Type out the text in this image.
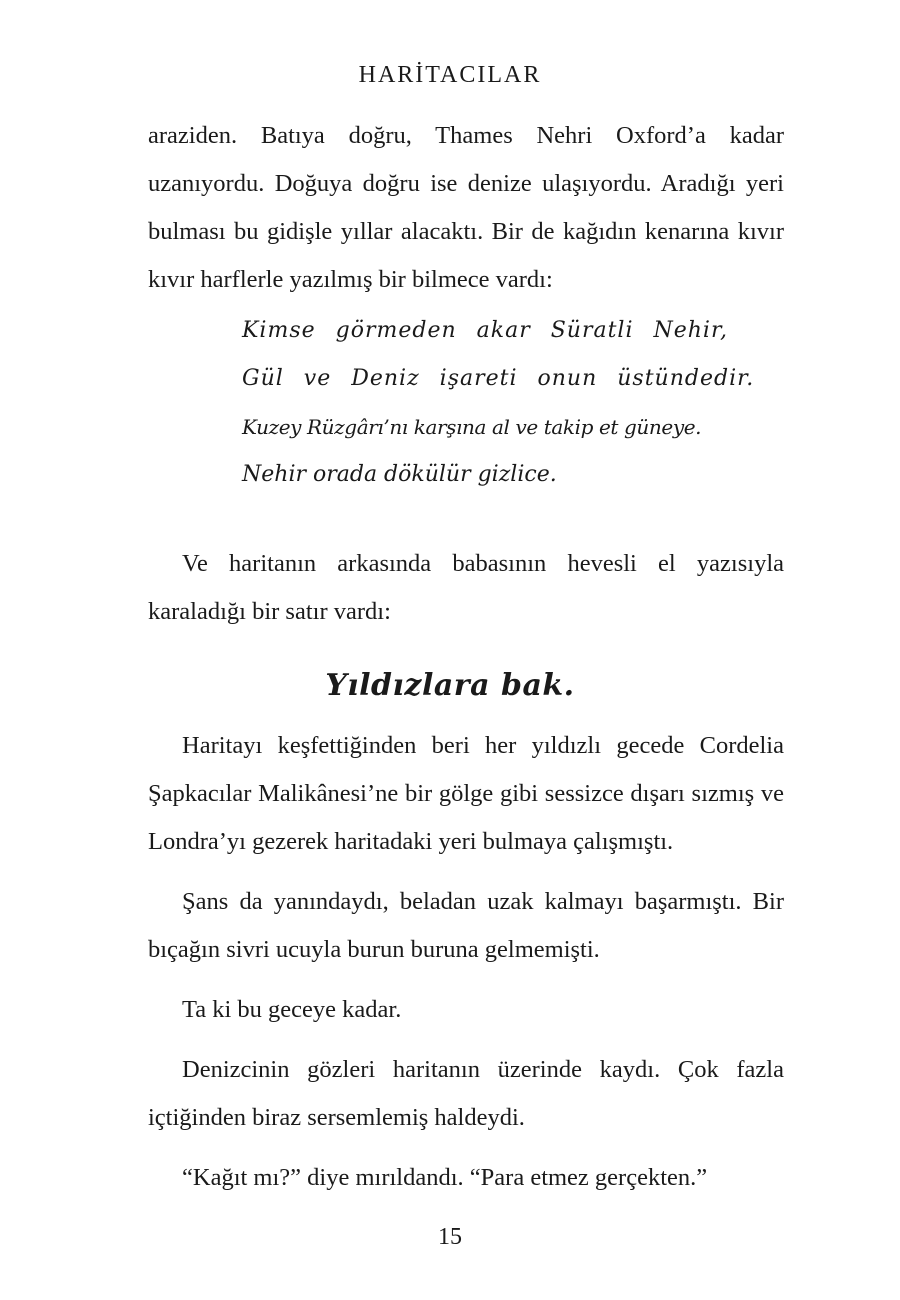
HARİTACILAR

araziden. Batıya doğru, Thames Nehri Oxford’a kadar uzanıyordu. Doğuya doğru ise denize ulaşıyordu. Aradığı yeri bulması bu gidişle yıllar alacaktı. Bir de kağıdın kenarına kıvır kıvır harflerle yazılmış bir bilmece vardı:

Kimse görmeden akar Süratli Nehir,
Gül ve Deniz işareti onun üstündedir.
Kuzey Rüzgârı’nı karşına al ve takip et güneye.
Nehir orada dökülür gizlice.

Ve haritanın arkasında babasının hevesli el yazısıyla karaladığı bir satır vardı:

Yıldızlara bak.

Haritayı keşfettiğinden beri her yıldızlı gecede Cordelia Şapkacılar Malikânesi’ne bir gölge gibi sessizce dışarı sızmış ve Londra’yı gezerek haritadaki yeri bulmaya çalışmıştı.

Şans da yanındaydı, beladan uzak kalmayı başarmıştı. Bir bıçağın sivri ucuyla burun buruna gelmemişti.

Ta ki bu geceye kadar.

Denizcinin gözleri haritanın üzerinde kaydı. Çok fazla içtiğinden biraz sersemlemiş haldeydi.

“Kağıt mı?” diye mırıldandı. “Para etmez gerçekten.”

15
